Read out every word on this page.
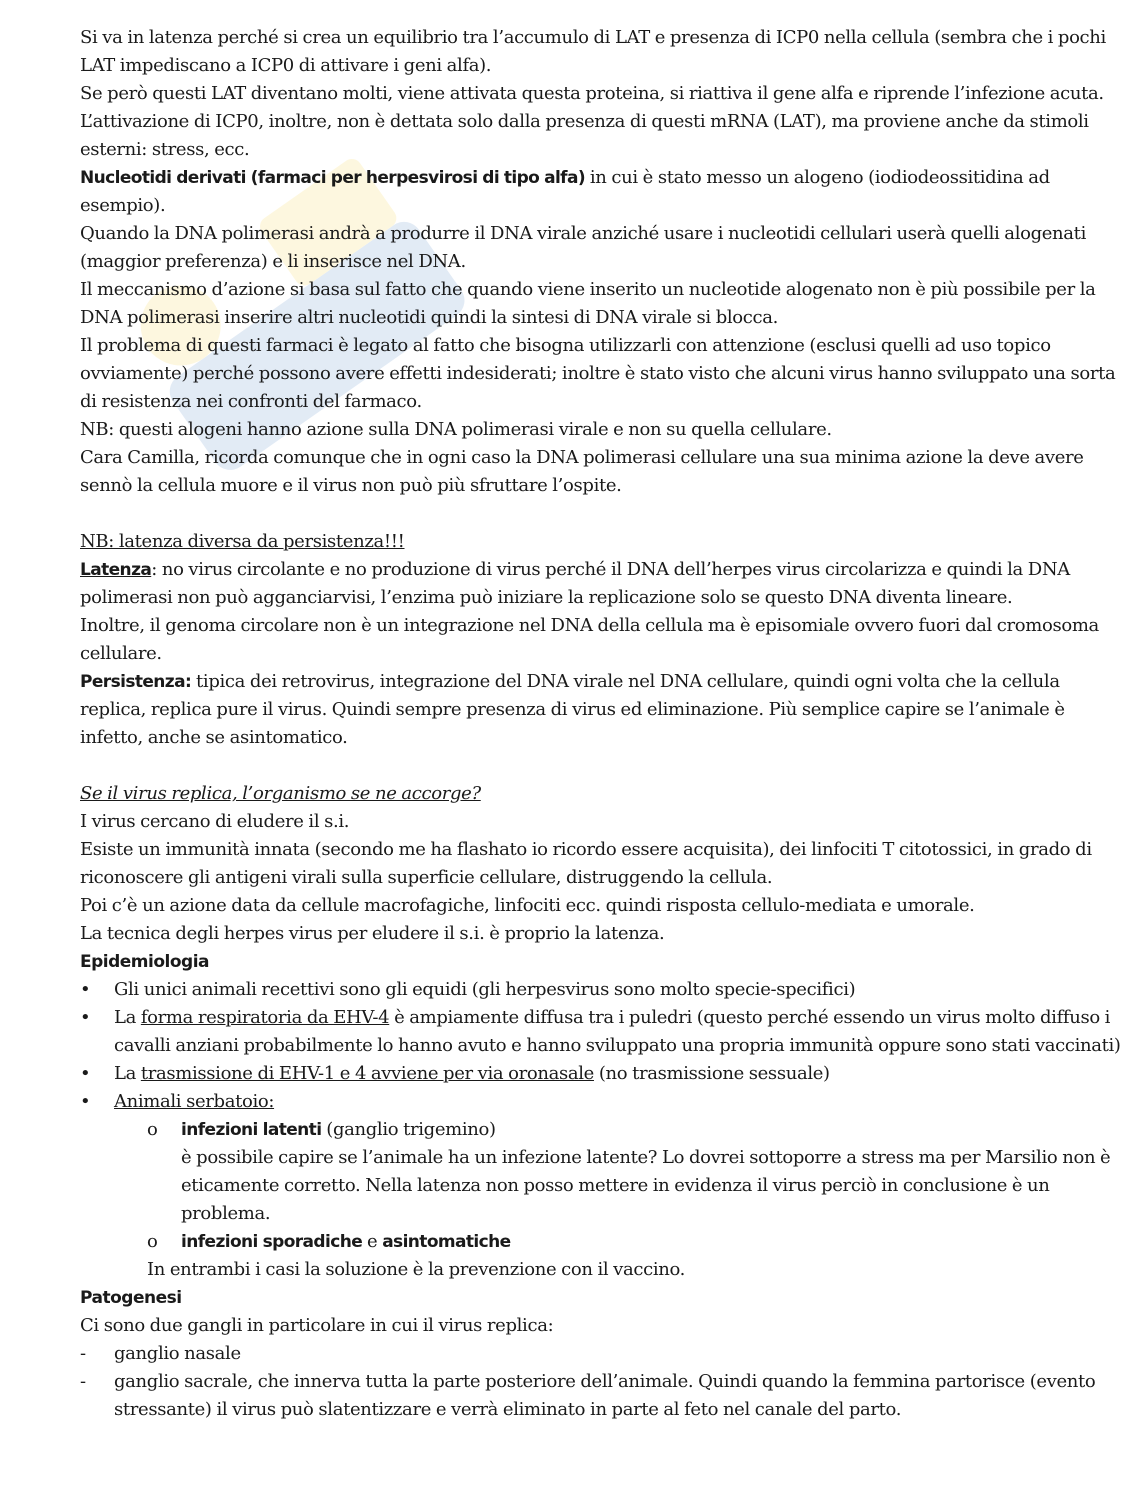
Si va in latenza perché si crea un equilibrio tra l’accumulo di LAT e presenza di ICP0 nella cellula (sembra che i pochi LAT impediscano a ICP0 di attivare i geni alfa).

Se però questi LAT diventano molti, viene attivata questa proteina, si riattiva il gene alfa e riprende l’infezione acuta.

L’attivazione di ICP0, inoltre, non è dettata solo dalla presenza di questi mRNA (LAT), ma proviene anche da stimoli esterni: stress, ecc.

Nucleotidi derivati (farmaci per herpesvirosi di tipo alfa) in cui è stato messo un alogeno (iodiodeossitidina ad esempio).

Quando la DNA polimerasi andrà a produrre il DNA virale anziché usare i nucleotidi cellulari userà quelli alogenati (maggior preferenza) e li inserisce nel DNA.

Il meccanismo d’azione si basa sul fatto che quando viene inserito un nucleotide alogenato non è più possibile per la DNA polimerasi inserire altri nucleotidi quindi la sintesi di DNA virale si blocca.

Il problema di questi farmaci è legato al fatto che bisogna utilizzarli con attenzione (esclusi quelli ad uso topico ovviamente) perché possono avere effetti indesiderati; inoltre è stato visto che alcuni virus hanno sviluppato una sorta di resistenza nei confronti del farmaco.

NB: questi alogeni hanno azione sulla DNA polimerasi virale e non su quella cellulare.

Cara Camilla, ricorda comunque che in ogni caso la DNA polimerasi cellulare una sua minima azione la deve avere sennò la cellula muore e il virus non può più sfruttare l’ospite.

NB: latenza diversa da persistenza!!!

Latenza: no virus circolante e no produzione di virus perché il DNA dell’herpes virus circolarizza e quindi la DNA polimerasi non può agganciarvisi, l’enzima può iniziare la replicazione solo se questo DNA diventa lineare.

Inoltre, il genoma circolare non è un integrazione nel DNA della cellula ma è episomiale ovvero fuori dal cromosoma cellulare.

Persistenza: tipica dei retrovirus, integrazione del DNA virale nel DNA cellulare, quindi ogni volta che la cellula replica, replica pure il virus. Quindi sempre presenza di virus ed eliminazione. Più semplice capire se l’animale è infetto, anche se asintomatico.

Se il virus replica, l’organismo se ne accorge?

I virus cercano di eludere il s.i.

Esiste un immunità innata (secondo me ha flashato io ricordo essere acquisita), dei linfociti T citotossici, in grado di riconoscere gli antigeni virali sulla superficie cellulare, distruggendo la cellula.

Poi c’è un azione data da cellule macrofagiche, linfociti ecc. quindi risposta cellulo-mediata e umorale.

La tecnica degli herpes virus per eludere il s.i. è proprio la latenza.

Epidemiologia

•	Gli unici animali recettivi sono gli equidi (gli herpesvirus sono molto specie-specifici)
•	La forma respiratoria da EHV-4 è ampiamente diffusa tra i puledri (questo perché essendo un virus molto diffuso i cavalli anziani probabilmente lo hanno avuto e hanno sviluppato una propria immunità oppure sono stati vaccinati)
•	La trasmissione di EHV-1 e 4 avviene per via oronasale (no trasmissione sessuale)
•	Animali serbatoio:
o infezioni latenti (ganglio trigemino)

è possibile capire se l’animale ha un infezione latente? Lo dovrei sottoporre a stress ma per Marsilio non è eticamente corretto. Nella latenza non posso mettere in evidenza il virus perciò in conclusione è un problema.

o infezioni sporadiche e asintomatiche

In entrambi i casi la soluzione è la prevenzione con il vaccino.

Patogenesi

Ci sono due gangli in particolare in cui il virus replica:

-	ganglio nasale
-	ganglio sacrale, che innerva tutta la parte posteriore dell’animale. Quindi quando la femmina partorisce (evento stressante) il virus può slatentizzare e verrà eliminato in parte al feto nel canale del parto.
